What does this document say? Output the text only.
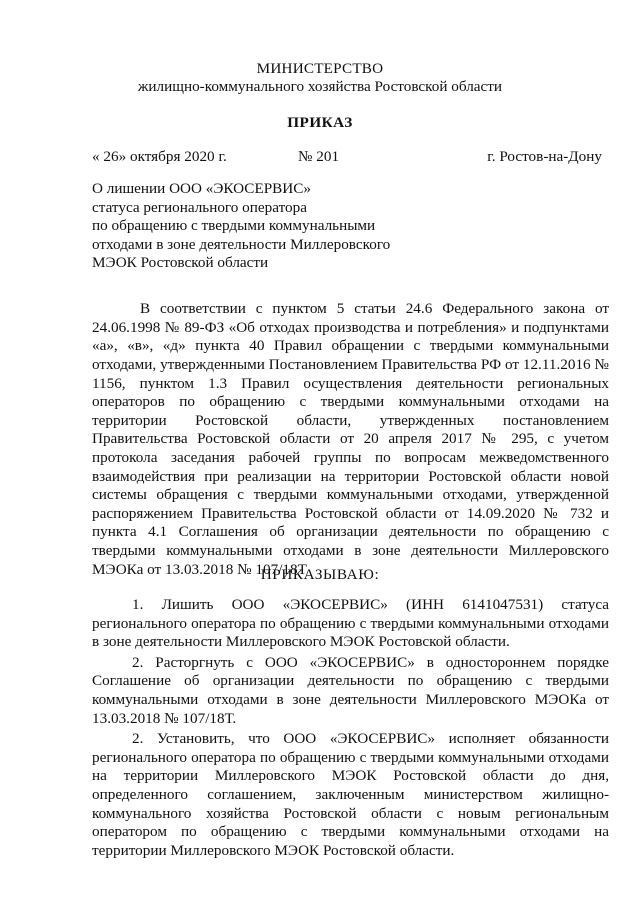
МИНИСТЕРСТВО
жилищно-коммунального хозяйства Ростовской области
ПРИКАЗ
« 26» октября 2020 г.	№ 201	г. Ростов-на-Дону
О лишении ООО «ЭКОСЕРВИС»
статуса регионального оператора
по обращению с твердыми коммунальными
отходами в зоне деятельности Миллеровского
МЭОК Ростовской области

В соответствии с пунктом 5 статьи 24.6 Федерального закона от 24.06.1998 № 89-ФЗ «Об отходах производства и потребления» и подпунктами «а», «в», «д» пункта 40 Правил обращении с твердыми коммунальными отходами, утвержденными Постановлением Правительства РФ от 12.11.2016 № 1156, пунктом 1.3 Правил осуществления деятельности региональных операторов по обращению с твердыми коммунальными отходами на территории Ростовской области, утвержденных постановлением Правительства Ростовской области от 20 апреля 2017 № 295, с учетом протокола заседания рабочей группы по вопросам межведомственного взаимодействия при реализации на территории Ростовской области новой системы обращения с твердыми коммунальными отходами, утвержденной распоряжением Правительства Ростовской области от 14.09.2020 № 732 и пункта 4.1 Соглашения об организации деятельности по обращению с твердыми коммунальными отходами в зоне деятельности Миллеровского МЭОКа от 13.03.2018 № 107/18Т

ПРИКАЗЫВАЮ:

1. Лишить ООО «ЭКОСЕРВИС» (ИНН 6141047531) статуса регионального оператора по обращению с твердыми коммунальными отходами в зоне деятельности Миллеровского МЭОК Ростовской области.

2. Расторгнуть с ООО «ЭКОСЕРВИС» в одностороннем порядке Соглашение об организации деятельности по обращению с твердыми коммунальными отходами в зоне деятельности Миллеровского МЭОКа от 13.03.2018 № 107/18Т.

2. Установить, что ООО «ЭКОСЕРВИС» исполняет обязанности регионального оператора по обращению с твердыми коммунальными отходами на территории Миллеровского МЭОК Ростовской области до дня, определенного соглашением, заключенным министерством жилищно-коммунального хозяйства Ростовской области с новым региональным оператором по обращению с твердыми коммунальными отходами на территории Миллеровского МЭОК Ростовской области.
